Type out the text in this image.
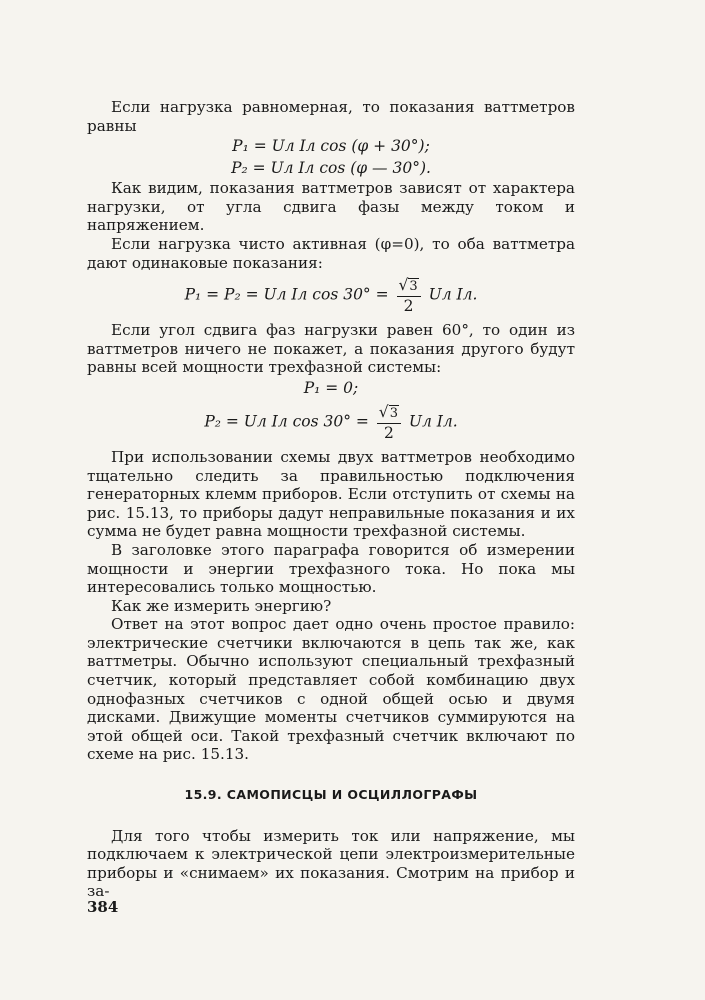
Если нагрузка равномерная, то показания ваттметров равны

P₁ = Uл Iл cos (φ + 30°);
P₂ = Uл Iл cos (φ — 30°).

Как видим, показания ваттметров зависят от характера нагрузки, от угла сдвига фазы между током и напряжением.

Если нагрузка чисто активная (φ=0), то оба ваттметра дают одинаковые показания:

P₁ = P₂ = Uл Iл $\cos 30^\circ = \frac{√3}{2}$ Uл Iл.

Если угол сдвига фаз нагрузки равен 60°, то один из ваттметров ничего не покажет, а показания другого будут равны всей мощности трехфазной системы:

P₁ = 0;
P₂ = Uл Iл $\cos 30^\circ = \frac{√3}{2}$ Uл Iл.

При использовании схемы двух ваттметров необходимо тщательно следить за правильностью подключения генераторных клемм приборов. Если отступить от схемы на рис. 15.13, то приборы дадут неправильные показания и их сумма не будет равна мощности трехфазной системы.

В заголовке этого параграфа говорится об измерении мощности и энергии трехфазного тока. Но пока мы интересовались только мощностью.

Как же измерить энергию?

Ответ на этот вопрос дает одно очень простое правило: электрические счетчики включаются в цепь так же, как ваттметры. Обычно используют специальный трехфазный счетчик, который представляет собой комбинацию двух однофазных счетчиков с одной общей осью и двумя дисками. Движущие моменты счетчиков суммируются на этой общей оси. Такой трехфазный счетчик включают по схеме на рис. 15.13.

15.9. САМОПИСЦЫ И ОСЦИЛЛОГРАФЫ

Для того чтобы измерить ток или напряжение, мы подключаем к электрической цепи электроизмерительные приборы и «снимаем» их показания. Смотрим на прибор и за-

384
